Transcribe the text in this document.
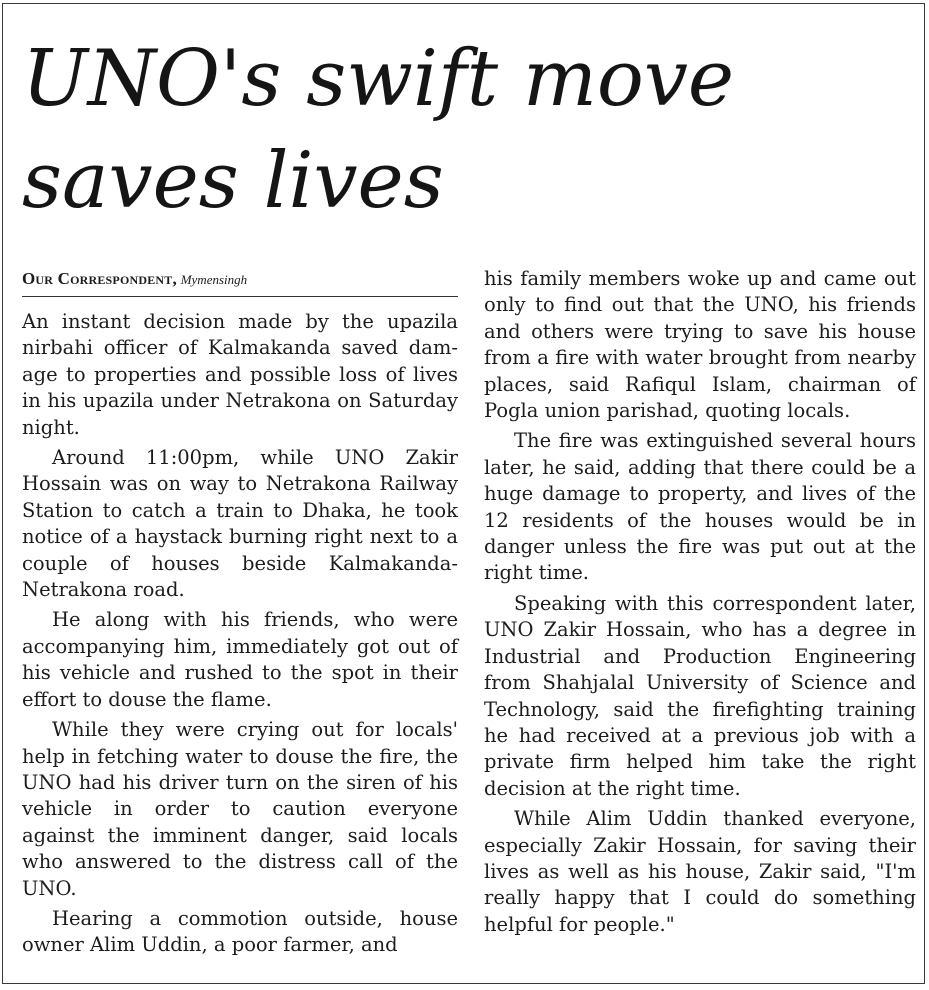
UNO's swift move saves lives
Our Correspondent, Mymensingh

An instant decision made by the upazila nirbahi officer of Kalmakanda saved damage to properties and possible loss of lives in his upazila under Netrakona on Saturday night.

Around 11:00pm, while UNO Zakir Hossain was on way to Netrakona Railway Station to catch a train to Dhaka, he took notice of a haystack burning right next to a couple of houses beside Kalmakanda-Netrakona road.

He along with his friends, who were accompanying him, immediately got out of his vehicle and rushed to the spot in their effort to douse the flame.

While they were crying out for locals' help in fetching water to douse the fire, the UNO had his driver turn on the siren of his vehicle in order to caution everyone against the imminent danger, said locals who answered to the distress call of the UNO.

Hearing a commotion outside, house owner Alim Uddin, a poor farmer, and

his family members woke up and came out only to find out that the UNO, his friends and others were trying to save his house from a fire with water brought from nearby places, said Rafiqul Islam, chairman of Pogla union parishad, quoting locals.

The fire was extinguished several hours later, he said, adding that there could be a huge damage to property, and lives of the 12 residents of the houses would be in danger unless the fire was put out at the right time.

Speaking with this correspondent later, UNO Zakir Hossain, who has a degree in Industrial and Production Engineering from Shahjalal University of Science and Technology, said the firefighting training he had received at a previous job with a private firm helped him take the right decision at the right time.

While Alim Uddin thanked everyone, especially Zakir Hossain, for saving their lives as well as his house, Zakir said, "I'm really happy that I could do something helpful for people."
